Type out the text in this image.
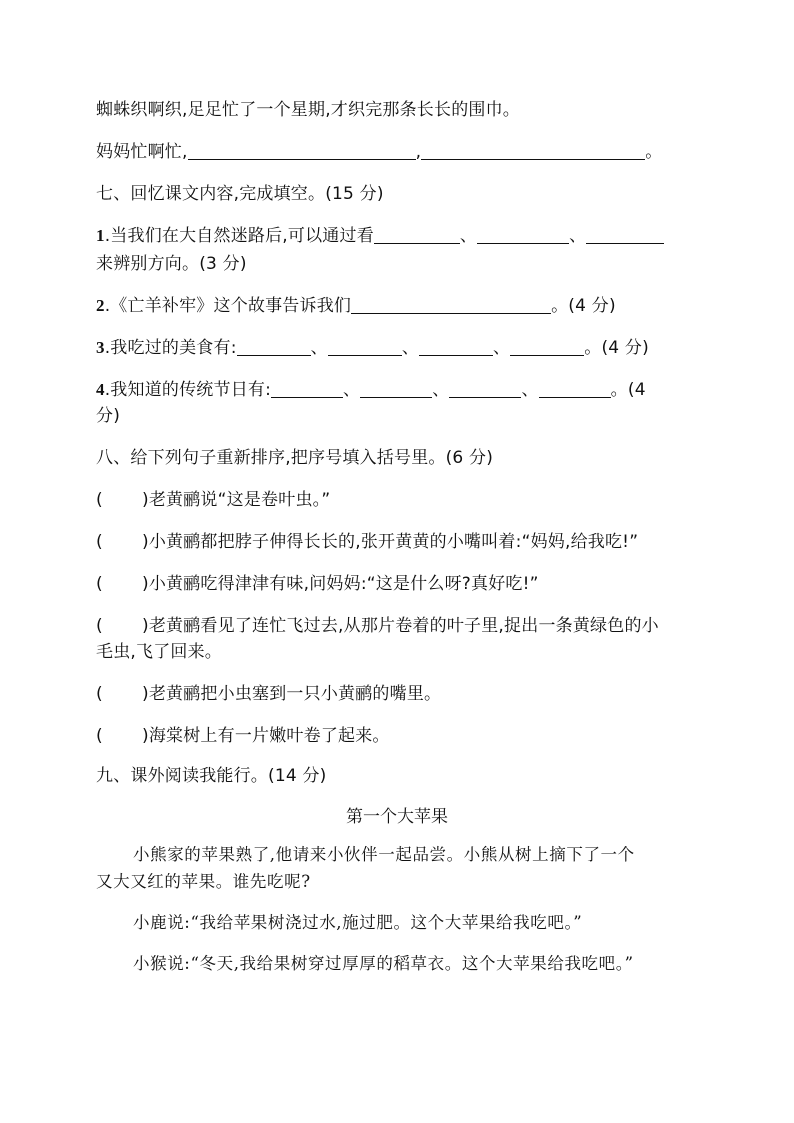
蜘蛛织啊织,足足忙了一个星期,才织完那条长长的围巾。
妈妈忙啊忙,	,	。
七、回忆课文内容,完成填空。(15 分)
1.当我们在大自然迷路后,可以通过看	、	、
来辨别方向。(3 分)
2.《亡羊补牢》这个故事告诉我们	。(4 分)
3.我吃过的美食有:	、	、	、	。(4 分)
4.我知道的传统节日有:	、	、	、	。(4
分)
八、给下列句子重新排序,把序号填入括号里。(6 分)
( )老黄鹂说“这是卷叶虫。”
( )小黄鹂都把脖子伸得长长的,张开黄黄的小嘴叫着:“妈妈,给我吃!”
( )小黄鹂吃得津津有味,问妈妈:“这是什么呀?真好吃!”
( )老黄鹂看见了连忙飞过去,从那片卷着的叶子里,捉出一条黄绿色的小
毛虫,飞了回来。
( )老黄鹂把小虫塞到一只小黄鹂的嘴里。
( )海棠树上有一片嫩叶卷了起来。
九、课外阅读我能行。(14 分)
第一个大苹果
小熊家的苹果熟了,他请来小伙伴一起品尝。小熊从树上摘下了一个
又大又红的苹果。谁先吃呢?
小鹿说:“我给苹果树浇过水,施过肥。这个大苹果给我吃吧。”
小猴说:“冬天,我给果树穿过厚厚的稻草衣。这个大苹果给我吃吧。”
